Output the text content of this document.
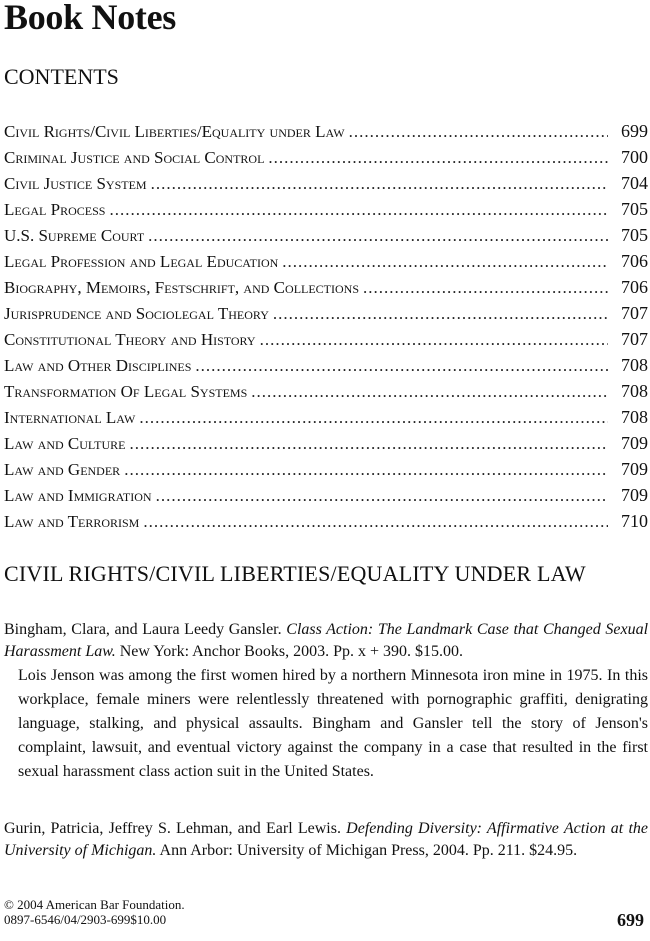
Book Notes
CONTENTS
Civil Rights/Civil Liberties/Equality under Law .....	699
Criminal Justice and Social Control .....	700
Civil Justice System .....	704
Legal Process .....	705
U.S. Supreme Court .....	705
Legal Profession and Legal Education .....	706
Biography, Memoirs, Festschrift, and Collections .....	706
Jurisprudence and Sociolegal Theory .....	707
Constitutional Theory and History .....	707
Law and Other Disciplines .....	708
Transformation Of Legal Systems .....	708
International Law .....	708
Law and Culture .....	709
Law and Gender .....	709
Law and Immigration .....	709
Law and Terrorism .....	710
CIVIL RIGHTS/CIVIL LIBERTIES/EQUALITY UNDER LAW

Bingham, Clara, and Laura Leedy Gansler. Class Action: The Landmark Case that Changed Sexual Harassment Law. New York: Anchor Books, 2003. Pp. x + 390. $15.00.

Lois Jenson was among the first women hired by a northern Minnesota iron mine in 1975. In this workplace, female miners were relentlessly threatened with pornographic graffiti, denigrating language, stalking, and physical assaults. Bingham and Gansler tell the story of Jenson's complaint, lawsuit, and eventual victory against the company in a case that resulted in the first sexual harassment class action suit in the United States.

Gurin, Patricia, Jeffrey S. Lehman, and Earl Lewis. Defending Diversity: Affirmative Action at the University of Michigan. Ann Arbor: University of Michigan Press, 2004. Pp. 211. $24.95.

© 2004 American Bar Foundation.
0897-6546/04/2903-699$10.00	699
